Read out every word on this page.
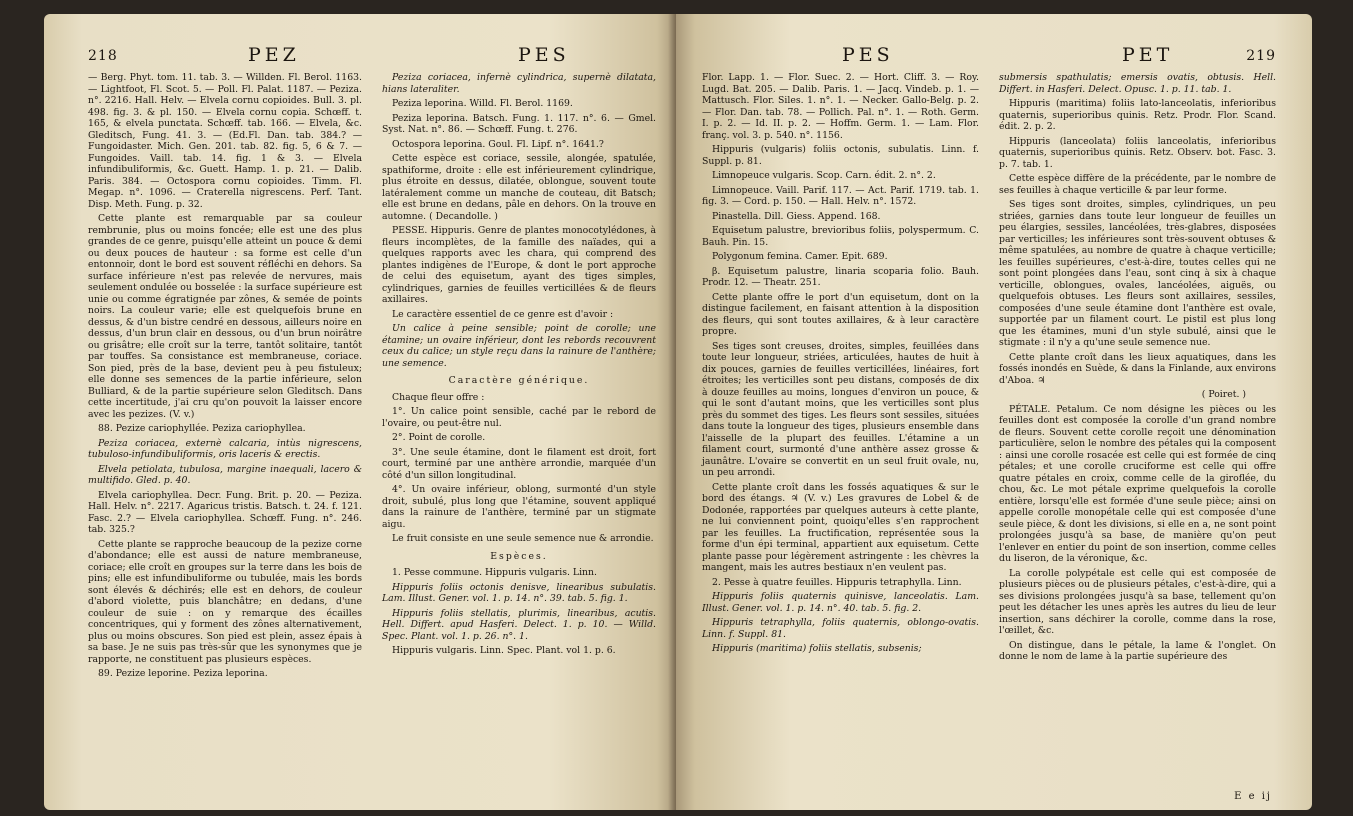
218	PEZ	PES

— Berg. Phyt. tom. 11. tab. 3. — Willden. Fl. Berol. 1163. — Lightfoot, Fl. Scot. 5. — Poll. Fl. Palat. 1187. — Peziza. n°. 2216. Hall. Helv. — Elvela cornu copioides. Bull. 3. pl. 498. fig. 3. & pl. 150. — Elvela cornu copia. Schœff. t. 165, & elvela punctata. Schœff. tab. 166. — Elvela, &c. Gleditsch, Fung. 41. 3. — (Ed.Fl. Dan. tab. 384.? — Fungoidaster. Mich. Gen. 201. tab. 82. fig. 5, 6 & 7. — Fungoides. Vaill. tab. 14. fig. 1 & 3. — Elvela infundibuliformis, &c. Guett. Hamp. 1. p. 21. — Dalib. Paris. 384. — Octospora cornu copioides. Timm. Fl. Megap. n°. 1096. — Craterella nigrescens. Perf. Tant. Disp. Meth. Fung. p. 32.

Cette plante est remarquable par sa couleur rembrunie, plus ou moins foncée; elle est une des plus grandes de ce genre, puisqu'elle atteint un pouce & demi ou deux pouces de hauteur : sa forme est celle d'un entonnoir, dont le bord est souvent réfléchi en dehors. Sa surface inférieure n'est pas relevée de nervures, mais seulement ondulée ou bosselée : la surface supérieure est unie ou comme égratignée par zônes, & semée de points noirs. La couleur varie; elle est quelquefois brune en dessus, & d'un bistre cendré en dessous, ailleurs noire en dessus, d'un brun clair en dessous, ou d'un brun noirâtre ou grisâtre; elle croît sur la terre, tantôt solitaire, tantôt par touffes. Sa consistance est membraneuse, coriace. Son pied, près de la base, devient peu à peu fistuleux; elle donne ses semences de la partie inférieure, selon Bulliard, & de la partie supérieure selon Gleditsch. Dans cette incertitude, j'ai cru qu'on pouvoit la laisser encore avec les pezizes. (V. v.)

88. Pezize cariophyllée. Peziza cariophyllea.

Peziza coriacea, externè calcaria, intùs nigrescens, tubuloso-infundibuliformis, oris laceris & erectis.

Elvela petiolata, tubulosa, margine inaequali, lacero & multifido. Gled. p. 40.

Elvela cariophyllea. Decr. Fung. Brit. p. 20. — Peziza. Hall. Helv. n°. 2217. Agaricus tristis. Batsch. t. 24. f. 121. Fasc. 2.? — Elvela cariophyllea. Schœff. Fung. n°. 246. tab. 325.?

Cette plante se rapproche beaucoup de la pezize corne d'abondance; elle est aussi de nature membraneuse, coriace; elle croît en groupes sur la terre dans les bois de pins; elle est infundibuliforme ou tubulée, mais les bords sont élevés & déchirés; elle est en dehors, de couleur d'abord violette, puis blanchâtre; en dedans, d'une couleur de suie : on y remarque des écailles concentriques, qui y forment des zônes alternativement, plus ou moins obscures. Son pied est plein, assez épais à sa base. Je ne suis pas très-sûr que les synonymes que je rapporte, ne constituent pas plusieurs espèces.

89. Pezize leporine. Peziza leporina.

Peziza coriacea, infernè cylindrica, supernè dilatata, hians lateraliter.

Peziza leporina. Willd. Fl. Berol. 1169.

Peziza leporina. Batsch. Fung. 1. 117. n°. 6. — Gmel. Syst. Nat. n°. 86. — Schœff. Fung. t. 276.

Octospora leporina. Goul. Fl. Lipf. n°. 1641.?

Cette espèce est coriace, sessile, alongée, spatulée, spathiforme, droite : elle est inférieurement cylindrique, plus étroite en dessus, dilatée, oblongue, souvent toute latéralement comme un manche de couteau, dit Batsch; elle est brune en dedans, pâle en dehors. On la trouve en automne. ( Decandolle. )

PESSE. Hippuris. Genre de plantes monocotylédones, à fleurs incomplètes, de la famille des naïades, qui a quelques rapports avec les chara, qui comprend des plantes indigènes de l'Europe, & dont le port approche de celui des equisetum, ayant des tiges simples, cylindriques, garnies de feuilles verticillées & de fleurs axillaires.

Le caractère essentiel de ce genre est d'avoir :

Un calice à peine sensible; point de corolle; une étamine; un ovaire inférieur, dont les rebords recouvrent ceux du calice; un style reçu dans la rainure de l'anthère; une semence.

Caractère générique.

Chaque fleur offre :

1°. Un calice point sensible, caché par le rebord de l'ovaire, ou peut-être nul.

2°. Point de corolle.

3°. Une seule étamine, dont le filament est droit, fort court, terminé par une anthère arrondie, marquée d'un côté d'un sillon longitudinal.

4°. Un ovaire inférieur, oblong, surmonté d'un style droit, subulé, plus long que l'étamine, souvent appliqué dans la rainure de l'anthère, terminé par un stigmate aigu.

Le fruit consiste en une seule semence nue & arrondie.

Espèces.

1. Pesse commune. Hippuris vulgaris. Linn.

Hippuris foliis octonis denisve, linearibus subulatis. Lam. Illust. Gener. vol. 1. p. 14. n°. 39. tab. 5. fig. 1.

Hippuris foliis stellatis, plurimis, linearibus, acutis. Hell. Differt. apud Hasferi. Delect. 1. p. 10. — Willd. Spec. Plant. vol. 1. p. 26. n°. 1.

Hippuris vulgaris. Linn. Spec. Plant. vol 1. p. 6.

PES	PET	219

Flor. Lapp. 1. — Flor. Suec. 2. — Hort. Cliff. 3. — Roy. Lugd. Bat. 205. — Dalib. Paris. 1. — Jacq. Vindeb. p. 1. — Mattusch. Flor. Siles. 1. n°. 1. — Necker. Gallo-Belg. p. 2. — Flor. Dan. tab. 78. — Pollich. Pal. n°. 1. — Roth. Germ. I. p. 2. — Id. II. p. 2. — Hoffm. Germ. 1. — Lam. Flor. franç. vol. 3. p. 540. n°. 1156.

Hippuris (vulgaris) foliis octonis, subulatis. Linn. f. Suppl. p. 81.

Limnopeuce vulgaris. Scop. Carn. édit. 2. n°. 2.

Limnopeuce. Vaill. Parif. 117. — Act. Parif. 1719. tab. 1. fig. 3. — Cord. p. 150. — Hall. Helv. n°. 1572.

Pinastella. Dill. Giess. Append. 168.

Equisetum palustre, brevioribus foliis, polyspermum. C. Bauh. Pin. 15.

Polygonum femina. Camer. Epit. 689.

β. Equisetum palustre, linaria scoparia folio. Bauh. Prodr. 12. — Theatr. 251.

Cette plante offre le port d'un equisetum, dont on la distingue facilement, en faisant attention à la disposition des fleurs, qui sont toutes axillaires, & à leur caractère propre.

Ses tiges sont creuses, droites, simples, feuillées dans toute leur longueur, striées, articulées, hautes de huit à dix pouces, garnies de feuilles verticillées, linéaires, fort étroites; les verticilles sont peu distans, composés de dix à douze feuilles au moins, longues d'environ un pouce, & qui le sont d'autant moins, que les verticilles sont plus près du sommet des tiges. Les fleurs sont sessiles, situées dans toute la longueur des tiges, plusieurs ensemble dans l'aisselle de la plupart des feuilles. L'étamine a un filament court, surmonté d'une anthère assez grosse & jaunâtre. L'ovaire se convertit en un seul fruit ovale, nu, un peu arrondi.

Cette plante croît dans les fossés aquatiques & sur le bord des étangs. ♃ (V. v.) Les gravures de Lobel & de Dodonée, rapportées par quelques auteurs à cette plante, ne lui conviennent point, quoiqu'elles s'en rapprochent par les feuilles. La fructification, représentée sous la forme d'un épi terminal, appartient aux equisetum. Cette plante passe pour légèrement astringente : les chèvres la mangent, mais les autres bestiaux n'en veulent pas.

2. Pesse à quatre feuilles. Hippuris tetraphylla. Linn.

Hippuris foliis quaternis quinisve, lanceolatis. Lam. Illust. Gener. vol. 1. p. 14. n°. 40. tab. 5. fig. 2.

Hippuris tetraphylla, foliis quaternis, oblongo-ovatis. Linn. f. Suppl. 81.

Hippuris (maritima) foliis stellatis, subsenis;

submersis spathulatis; emersis ovatis, obtusis. Hell. Differt. in Hasferi. Delect. Opusc. 1. p. 11. tab. 1.

Hippuris (maritima) foliis lato-lanceolatis, inferioribus quaternis, superioribus quinis. Retz. Prodr. Flor. Scand. édit. 2. p. 2.

Hippuris (lanceolata) foliis lanceolatis, inferioribus quaternis, superioribus quinis. Retz. Observ. bot. Fasc. 3. p. 7. tab. 1.

Cette espèce diffère de la précédente, par le nombre de ses feuilles à chaque verticille & par leur forme.

Ses tiges sont droites, simples, cylindriques, un peu striées, garnies dans toute leur longueur de feuilles un peu élargies, sessiles, lancéolées, très-glabres, disposées par verticilles; les inférieures sont très-souvent obtuses & même spatulées, au nombre de quatre à chaque verticille; les feuilles supérieures, c'est-à-dire, toutes celles qui ne sont point plongées dans l'eau, sont cinq à six à chaque verticille, oblongues, ovales, lancéolées, aiguës, ou quelquefois obtuses. Les fleurs sont axillaires, sessiles, composées d'une seule étamine dont l'anthère est ovale, supportée par un filament court. Le pistil est plus long que les étamines, muni d'un style subulé, ainsi que le stigmate : il n'y a qu'une seule semence nue.

Cette plante croît dans les lieux aquatiques, dans les fossés inondés en Suède, & dans la Finlande, aux environs d'Aboa. ♃

( Poiret. )

PÉTALE. Petalum. Ce nom désigne les pièces ou les feuilles dont est composée la corolle d'un grand nombre de fleurs. Souvent cette corolle reçoit une dénomination particulière, selon le nombre des pétales qui la composent : ainsi une corolle rosacée est celle qui est formée de cinq pétales; et une corolle cruciforme est celle qui offre quatre pétales en croix, comme celle de la giroflée, du chou, &c. Le mot pétale exprime quelquefois la corolle entière, lorsqu'elle est formée d'une seule pièce; ainsi on appelle corolle monopétale celle qui est composée d'une seule pièce, & dont les divisions, si elle en a, ne sont point prolongées jusqu'à sa base, de manière qu'on peut l'enlever en entier du point de son insertion, comme celles du liseron, de la véronique, &c.

La corolle polypétale est celle qui est composée de plusieurs pièces ou de plusieurs pétales, c'est-à-dire, qui a ses divisions prolongées jusqu'à sa base, tellement qu'on peut les détacher les unes après les autres du lieu de leur insertion, sans déchirer la corolle, comme dans la rose, l'œillet, &c.

On distingue, dans le pétale, la lame & l'onglet. On donne le nom de lame à la partie supérieure des

E e ij
